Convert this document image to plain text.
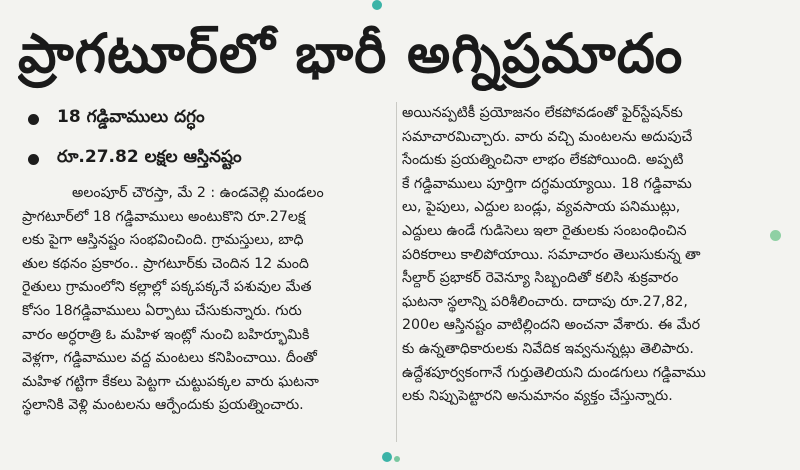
ప్రాగటూర్‌లో భారీ అగ్నిప్రమాదం
18 గడ్డివాములు దగ్ధం
రూ.27.82 లక్షల ఆస్తినష్టం
అలంపూర్ చౌరస్తా, మే 2 : ఉండవెల్లి మండలం
ప్రాగటూర్‌లో 18 గడ్డివాములు అంటుకొని రూ.27లక్ష
లకు పైగా ఆస్తినష్టం సంభవించింది. గ్రామస్తులు, బాధి
తుల కథనం ప్రకారం.. ప్రాగటూర్‌కు చెందిన 12 మంది
రైతులు గ్రామంలోని కల్లాల్లో పక్కపక్కనే పశువుల మేత
కోసం 18గడ్డివాములు ఏర్పాటు చేసుకున్నారు. గురు
వారం అర్ధరాత్రి ఓ మహిళ ఇంట్లో నుంచి బహిర్భూమికి
వెళ్లగా, గడ్డివాముల వద్ద మంటలు కనిపించాయి. దీంతో
మహిళ గట్టిగా కేకలు పెట్టగా చుట్టుపక్కల వారు ఘటనా
స్థలానికి వెళ్లి మంటలను ఆర్పేందుకు ప్రయత్నించారు.
అయినప్పటికీ ప్రయోజనం లేకపోవడంతో ఫైర్‌స్టేషన్‌కు
సమాచారమిచ్చారు. వారు వచ్చి మంటలను అదుపుచే
సేందుకు ప్రయత్నించినా లాభం లేకపోయింది. అప్పటి
కే గడ్డివాములు పూర్తిగా దగ్ధమయ్యాయి. 18 గడ్డివామ
లు, పైపులు, ఎద్దుల బండ్లు, వ్యవసాయ పనిముట్లు,
ఎద్దులు ఉండే గుడిసెలు ఇలా రైతులకు సంబంధించిన
పరికరాలు కాలిపోయాయి. సమాచారం తెలుసుకున్న తా
సీల్దార్ ప్రభాకర్ రెవెన్యూ సిబ్బందితో కలిసి శుక్రవారం
ఘటనా స్థలాన్ని పరిశీలించారు. దాదాపు రూ.27,82,
200ల ఆస్తినష్టం వాటిల్లిందని అంచనా వేశారు. ఈ మేర
కు ఉన్నతాధికారులకు నివేదిక ఇవ్వనున్నట్లు తెలిపారు.
ఉద్దేశపూర్వకంగానే గుర్తుతెలియని దుండగులు గడ్డివాము
లకు నిప్పుపెట్టారని అనుమానం వ్యక్తం చేస్తున్నారు.
